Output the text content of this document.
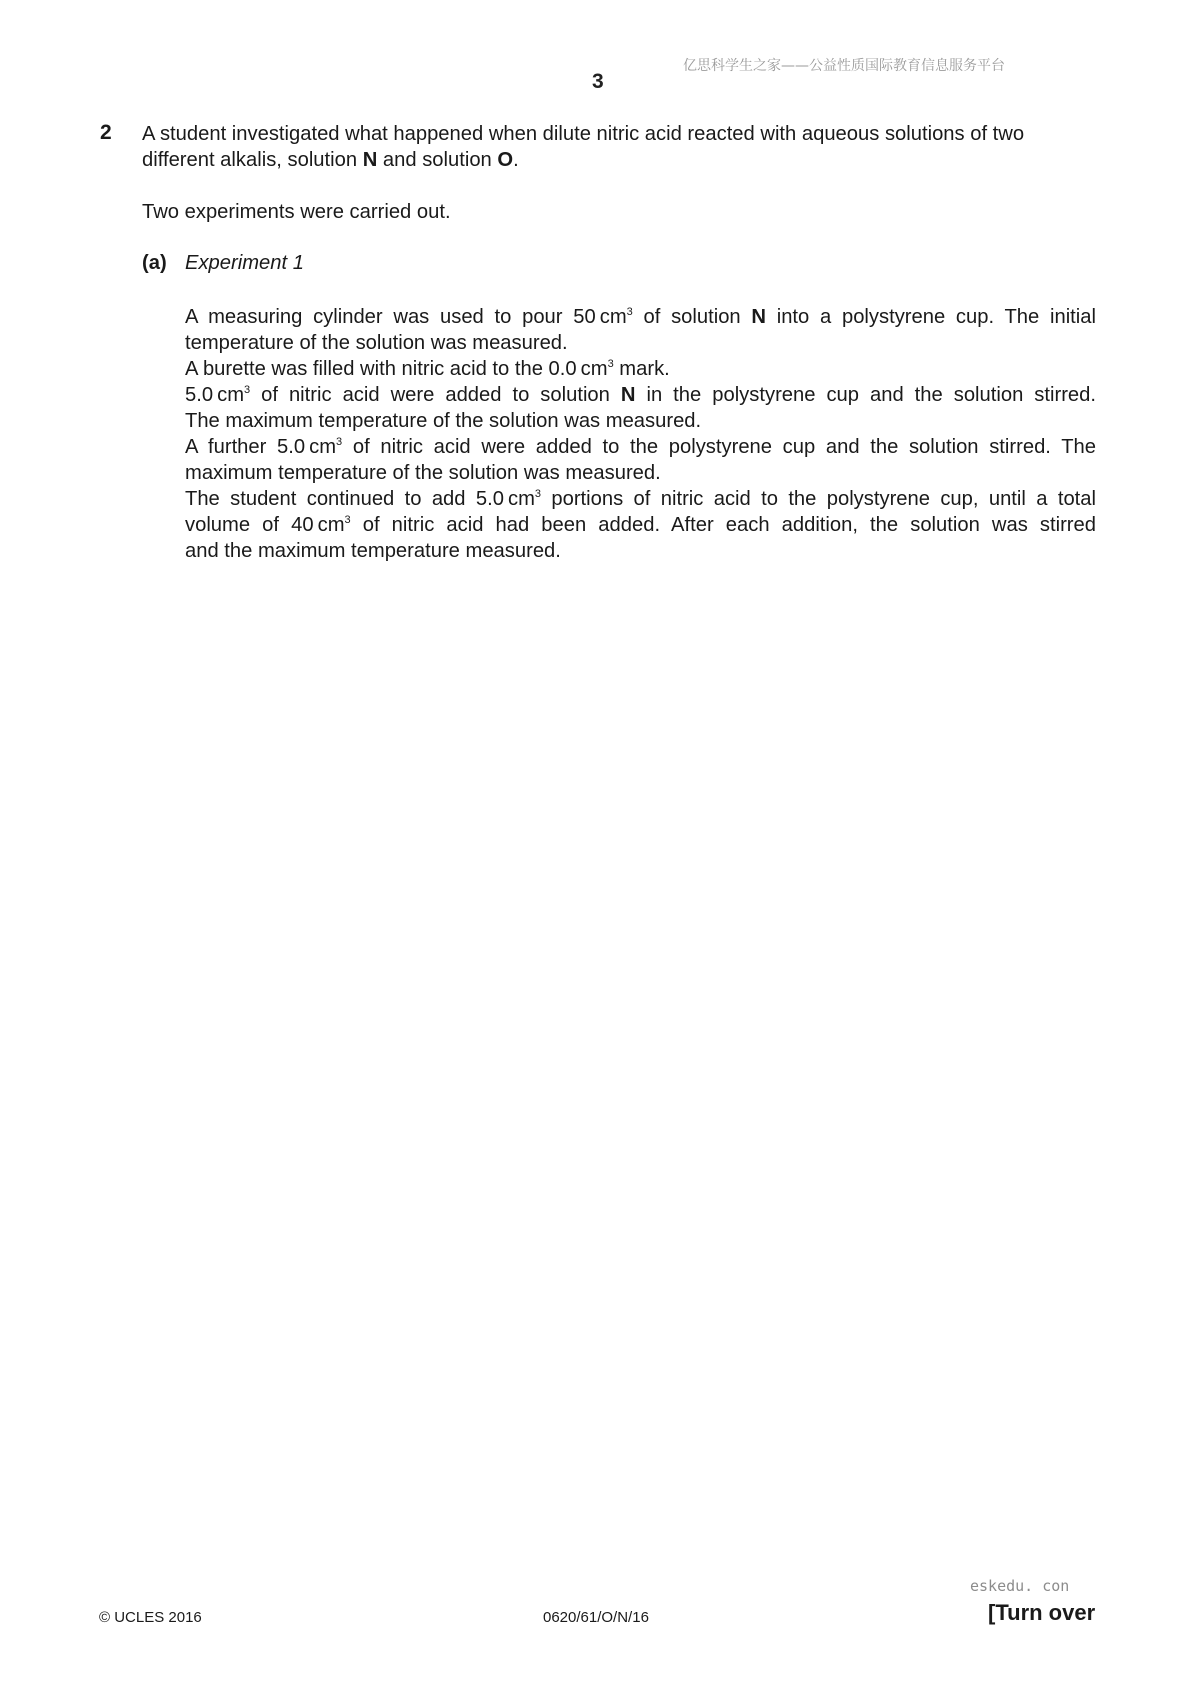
亿思科学生之家——公益性质国际教育信息服务平台
3
2 A student investigated what happened when dilute nitric acid reacted with aqueous solutions of two
different alkalis, solution N and solution O.
Two experiments were carried out.
(a) Experiment 1
A measuring cylinder was used to pour 50 $cm^3$ of solution N into a polystyrene cup. The initial
temperature of the solution was measured.
A burette was filled with nitric acid to the 0.0 $cm^3$ mark.
5.0 $cm^3$ of nitric acid were added to solution N in the polystyrene cup and the solution stirred.
The maximum temperature of the solution was measured.
A further 5.0 $cm^3$ of nitric acid were added to the polystyrene cup and the solution stirred. The
maximum temperature of the solution was measured.
The student continued to add 5.0 $cm^3$ portions of nitric acid to the polystyrene cup, until a total
volume of 40 $cm^3$ of nitric acid had been added. After each addition, the solution was stirred
and the maximum temperature measured.
© UCLES 2016	0620/61/O/N/16
eskedu. con
[Turn over
